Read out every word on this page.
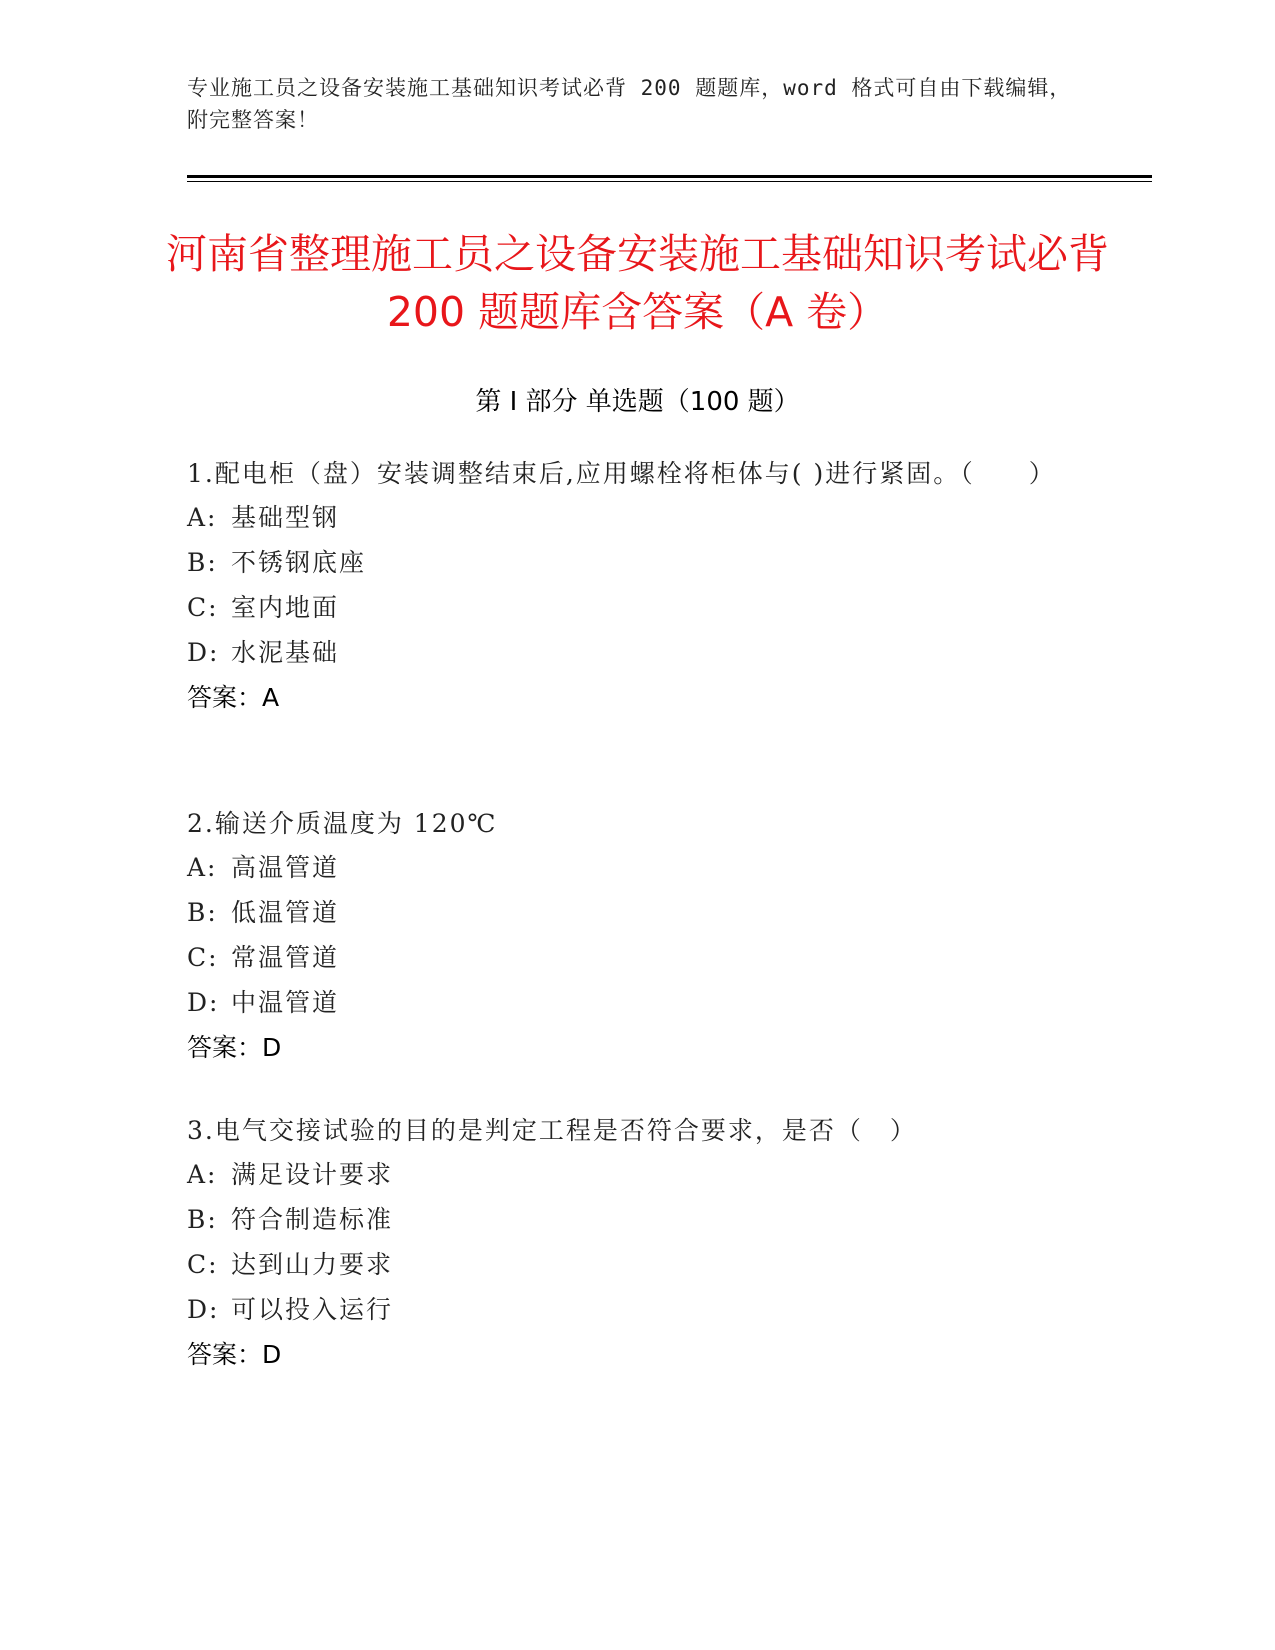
专业施工员之设备安装施工基础知识考试必背 200 题题库，word 格式可自由下载编辑，附完整答案！
河南省整理施工员之设备安装施工基础知识考试必背 200 题题库含答案（A 卷）
第 I 部分 单选题（100 题）
1.配电柜（盘）安装调整结束后,应用螺栓将柜体与( )进行紧固。（　　）
A: 基础型钢
B: 不锈钢底座
C: 室内地面
D: 水泥基础
答案：A
2.输送介质温度为 120℃
A: 高温管道
B: 低温管道
C: 常温管道
D: 中温管道
答案：D
3.电气交接试验的目的是判定工程是否符合要求，是否（　）
A: 满足设计要求
B: 符合制造标准
C: 达到山力要求
D: 可以投入运行
答案：D
